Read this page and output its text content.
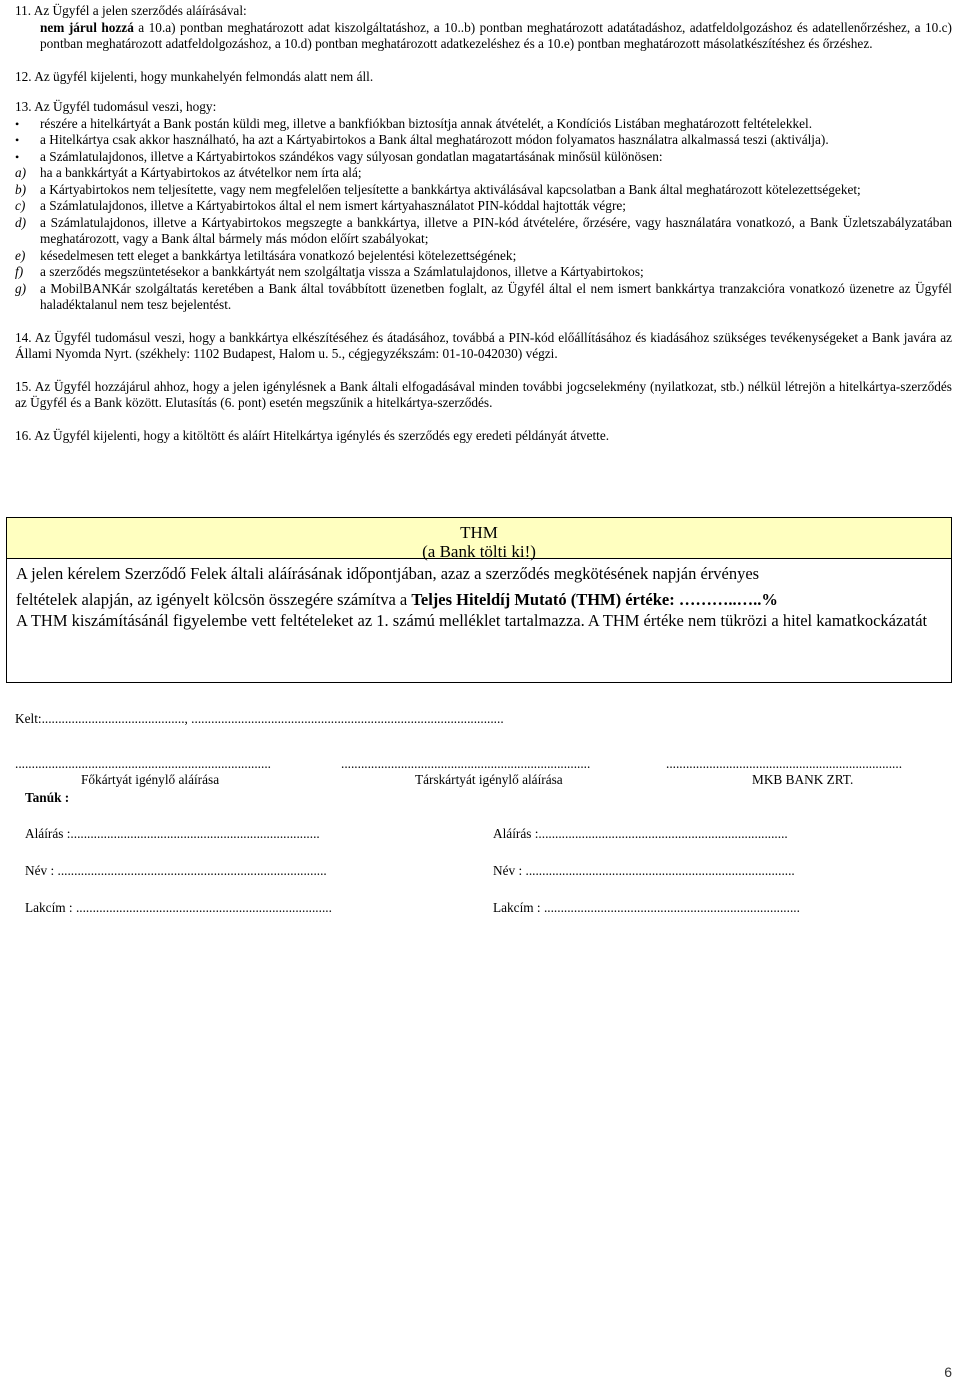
11. Az Ügyfél a jelen szerződés aláírásával:

nem járul hozzá a 10.a) pontban meghatározott adat kiszolgáltatáshoz, a 10..b) pontban meghatározott adatátadáshoz, adatfeldolgozáshoz és adatellenőrzéshez, a 10.c) pontban meghatározott adatfeldolgozáshoz, a 10.d) pontban meghatározott adatkezeléshez és a 10.e) pontban meghatározott másolatkészítéshez és őrzéshez.

12. Az ügyfél kijelenti, hogy munkahelyén felmondás alatt nem áll.

13. Az Ügyfél tudomásul veszi, hogy:

•
részére a hitelkártyát a Bank postán küldi meg, illetve a bankfiókban biztosítja annak átvételét, a Kondíciós Listában meghatározott feltételekkel.
•
a Hitelkártya csak akkor használható, ha azt a Kártyabirtokos a Bank által meghatározott módon folyamatos használatra alkalmassá teszi (aktiválja).
•
a Számlatulajdonos, illetve a Kártyabirtokos szándékos vagy súlyosan gondatlan magatartásának minősül különösen:
a)	ha a bankkártyát a Kártyabirtokos az átvételkor nem írta alá;
b)	a Kártyabirtokos nem teljesítette, vagy nem megfelelően teljesítette a bankkártya aktiválásával kapcsolatban a Bank által meghatározott kötelezettségeket;
c)	a Számlatulajdonos, illetve a Kártyabirtokos által el nem ismert kártyahasználatot PIN-kóddal hajtották végre;
d)	a Számlatulajdonos, illetve a Kártyabirtokos megszegte a bankkártya, illetve a PIN-kód átvételére, őrzésére, vagy használatára vonatkozó, a Bank Üzletszabályzatában meghatározott, vagy a Bank által bármely más módon előírt szabályokat;
e)	késedelmesen tett eleget a bankkártya letiltására vonatkozó bejelentési kötelezettségének;
f)	a szerződés megszüntetésekor a bankkártyát nem szolgáltatja vissza a Számlatulajdonos, illetve a Kártyabirtokos;
g)	a MobilBANKár szolgáltatás keretében a Bank által továbbított üzenetben foglalt, az Ügyfél által el nem ismert bankkártya tranzakcióra vonatkozó üzenetre az Ügyfél haladéktalanul nem tesz bejelentést.

14. Az Ügyfél tudomásul veszi, hogy a bankkártya elkészítéséhez és átadásához, továbbá a PIN-kód előállításához és kiadásához szükséges tevékenységeket a Bank javára az Állami Nyomda Nyrt. (székhely: 1102 Budapest, Halom u. 5., cégjegyzékszám: 01-10-042030) végzi.

15. Az Ügyfél hozzájárul ahhoz, hogy a jelen igénylésnek a Bank általi elfogadásával minden további jogcselekmény (nyilatkozat, stb.) nélkül létrejön a hitelkártya-szerződés az Ügyfél és a Bank között. Elutasítás (6. pont) esetén megszűnik a hitelkártya-szerződés.

16. Az Ügyfél kijelenti, hogy a kitöltött és aláírt Hitelkártya igénylés és szerződés egy eredeti példányát átvette.

THM
(a Bank tölti ki!)

A jelen kérelem Szerződő Felek általi aláírásának időpontjában, azaz a szerződés megkötésének napján érvényes

feltételek alapján, az igényelt kölcsön összegére számítva a Teljes Hiteldíj Mutató (THM) értéke: ………..…..%

A THM kiszámításánál figyelembe vett feltételeket az 1. számú melléklet tartalmazza. A THM értéke nem tükrözi a hitel kamatkockázatát

Kelt:..........................................., ..............................................................................................
.............................................................................	...........................................................................	.......................................................................
Főkártyát igénylő aláírása	Társkártyát igénylő aláírása	MKB BANK ZRT.
Tanúk :
Aláírás :...........................................................................	Aláírás :...........................................................................
Név : .................................................................................	Név : .................................................................................
Lakcím : .............................................................................	Lakcím : .............................................................................
6
